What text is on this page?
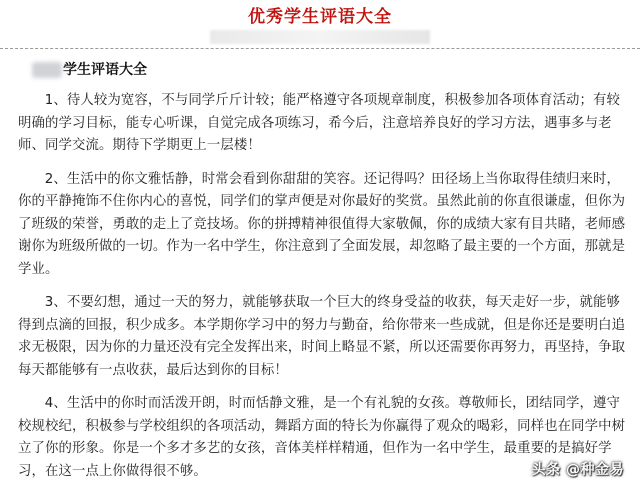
优秀学生评语大全
学生评语大全

1、待人较为宽容，不与同学斤斤计较；能严格遵守各项规章制度，积极参加各项体育活动；有较明确的学习目标，能专心听课，自觉完成各项练习，希今后，注意培养良好的学习方法，遇事多与老师、同学交流。期待下学期更上一层楼！

2、生活中的你文雅恬静，时常会看到你甜甜的笑容。还记得吗？田径场上当你取得佳绩归来时，你的平静掩饰不住你内心的喜悦，同学们的掌声便是对你最好的奖赏。虽然此前的你直很谦虚，但你为了班级的荣誉，勇敢的走上了竞技场。你的拼搏精神很值得大家敬佩，你的成绩大家有目共睹，老师感谢你为班级所做的一切。作为一名中学生，你注意到了全面发展，却忽略了最主要的一个方面，那就是学业。

3、不要幻想，通过一天的努力，就能够获取一个巨大的终身受益的收获，每天走好一步，就能够得到点滴的回报，积少成多。本学期你学习中的努力与勤奋，给你带来一些成就，但是你还是要明白追求无极限，因为你的力量还没有完全发挥出来，时间上略显不紧，所以还需要你再努力，再坚持，争取每天都能够有一点收获，最后达到你的目标！

4、生活中的你时而活泼开朗，时而恬静文雅，是一个有礼貌的女孩。尊敬师长，团结同学，遵守校规校纪，积极参与学校组织的各项活动，舞蹈方面的特长为你赢得了观众的喝彩，同样也在同学中树立了你的形象。你是一个多才多艺的女孩，音体美样样精通，但作为一名中学生，最重要的是搞好学习，在这一点上你做得很不够。	头条 @种金易
